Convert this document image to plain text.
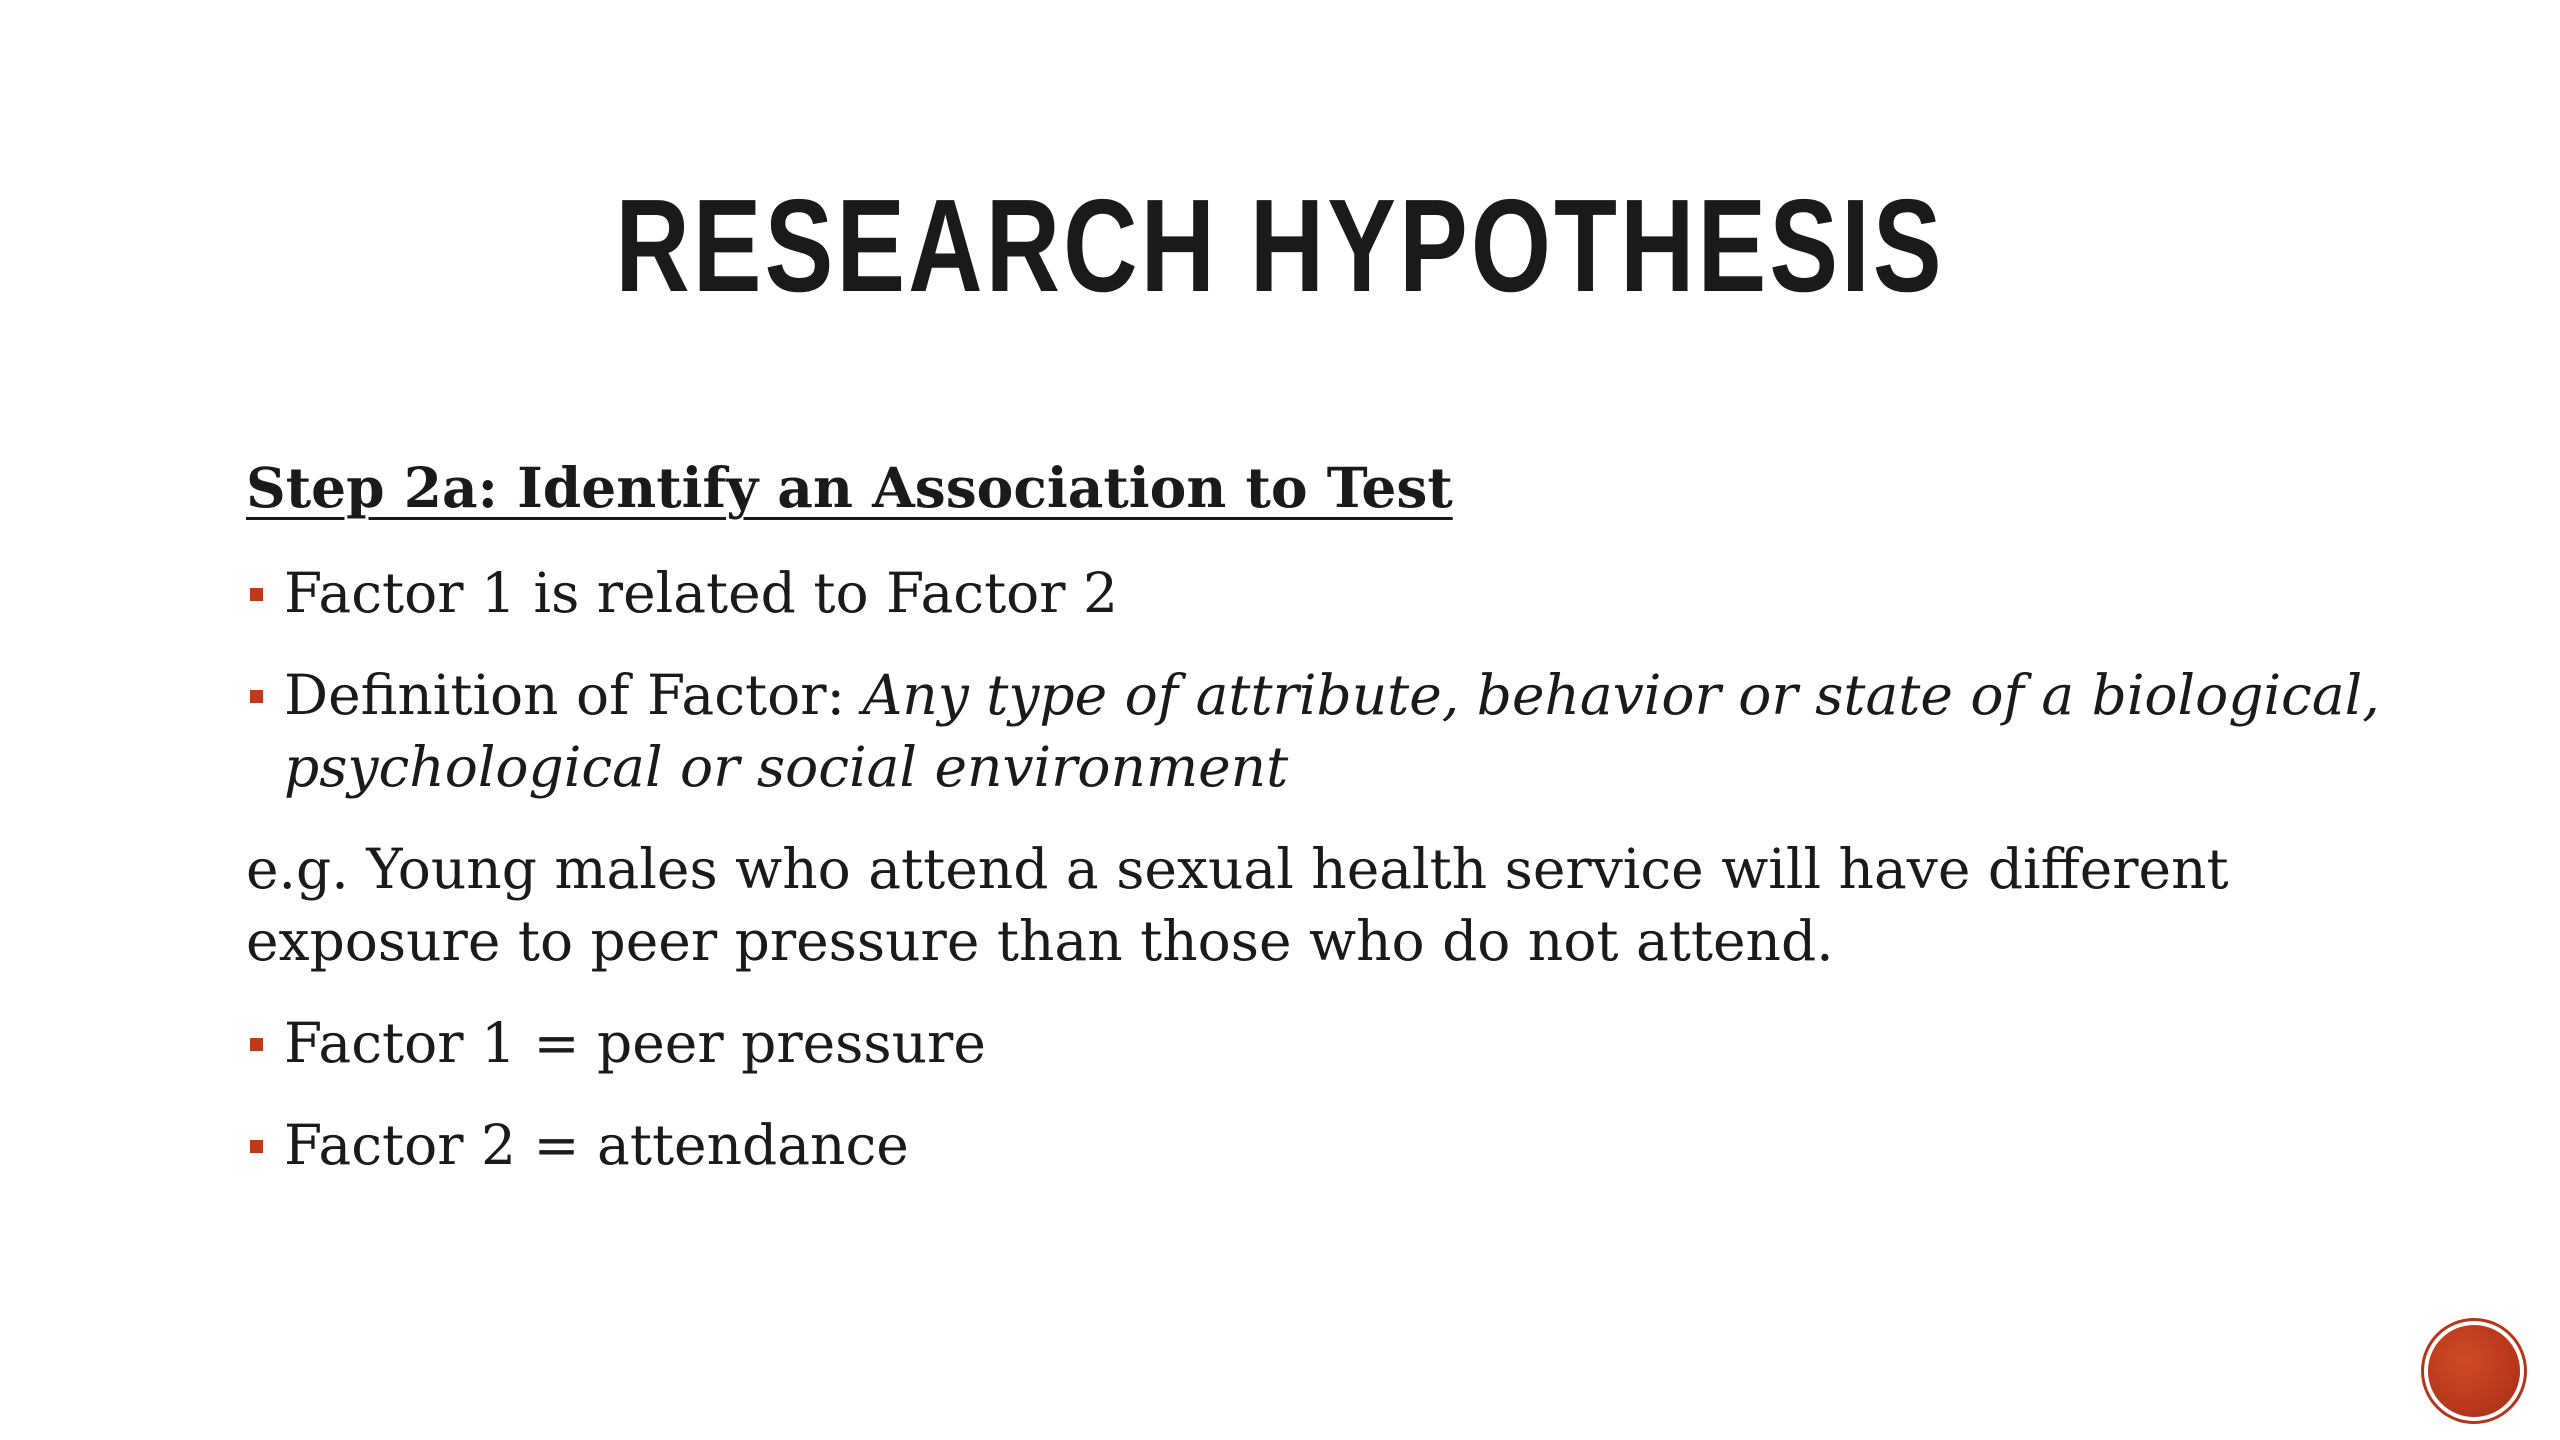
RESEARCH HYPOTHESIS
Step 2a: Identify an Association to Test
Factor 1 is related to Factor 2
Definition of Factor: Any type of attribute, behavior or state of a biological, psychological or social environment
e.g. Young males who attend a sexual health service will have different exposure to peer pressure than those who do not attend.
Factor 1 = peer pressure
Factor 2 = attendance
